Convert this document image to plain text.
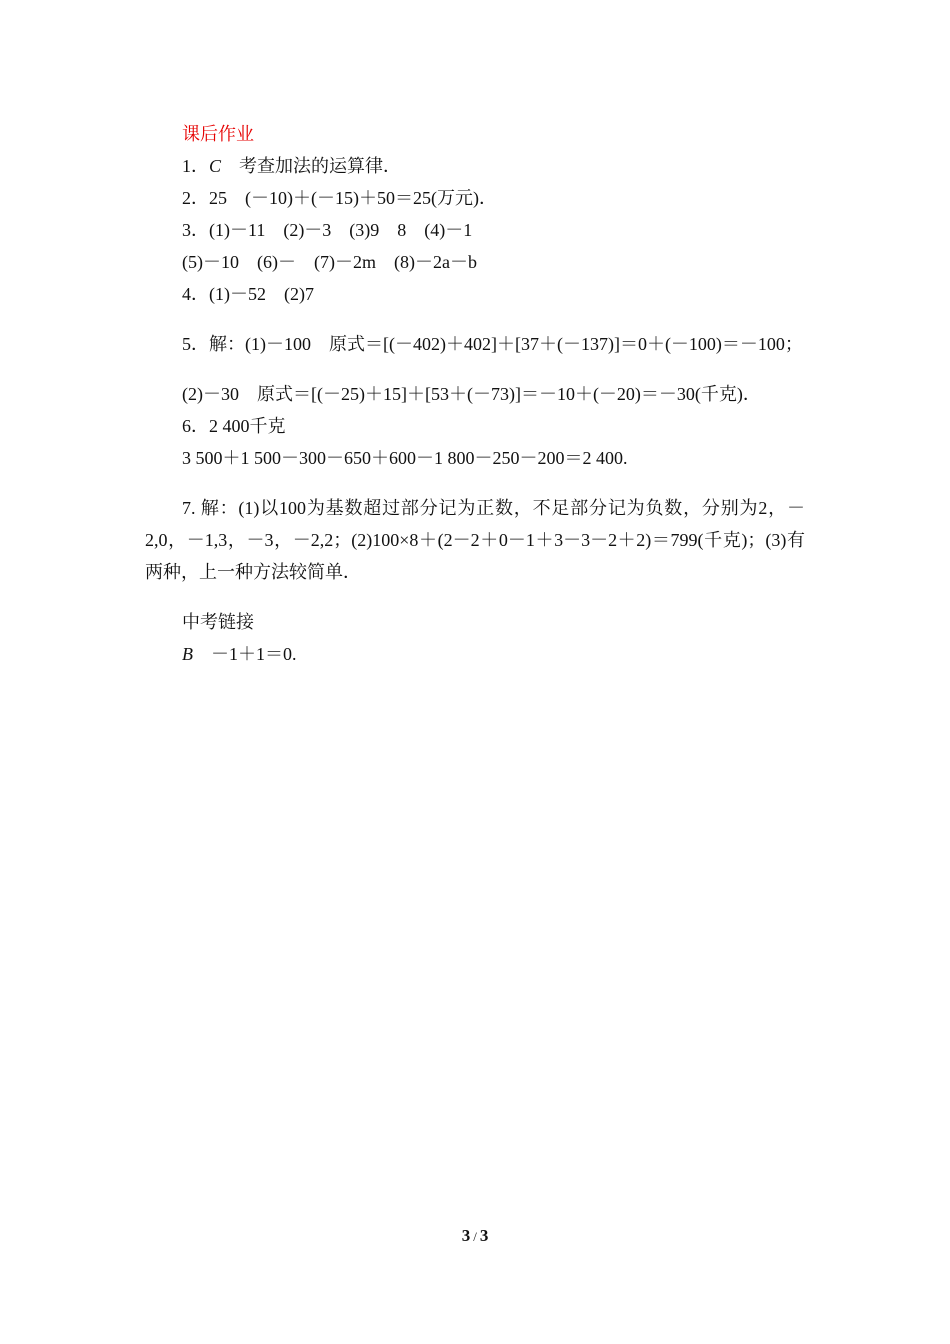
课后作业

1．C　考查加法的运算律．

2．25　(－10)＋(－15)＋50＝25(万元)．

3．(1)－11　(2)－3　(3)9　8　(4)－1

(5)－10　(6)－　(7)－2m　(8)－2a－b

4．(1)－52　(2)7

5．解：(1)－100　原式＝[(－402)＋402]＋[37＋(－137)]＝0＋(－100)＝－100；

(2)－30　原式＝[(－25)＋15]＋[53＋(－73)]＝－10＋(－20)＝－30(千克)．

6．2 400千克

3 500＋1 500－300－650＋600－1 800－250－200＝2 400.

7. 解：(1)以100为基数超过部分记为正数，不足部分记为负数，分别为2，－2,0，－1,3，－3，－2,2；(2)100×8＋(2－2＋0－1＋3－3－2＋2)＝799(千克)；(3)有两种，上一种方法较简单．

中考链接

B　－1＋1＝0.

3 / 3
